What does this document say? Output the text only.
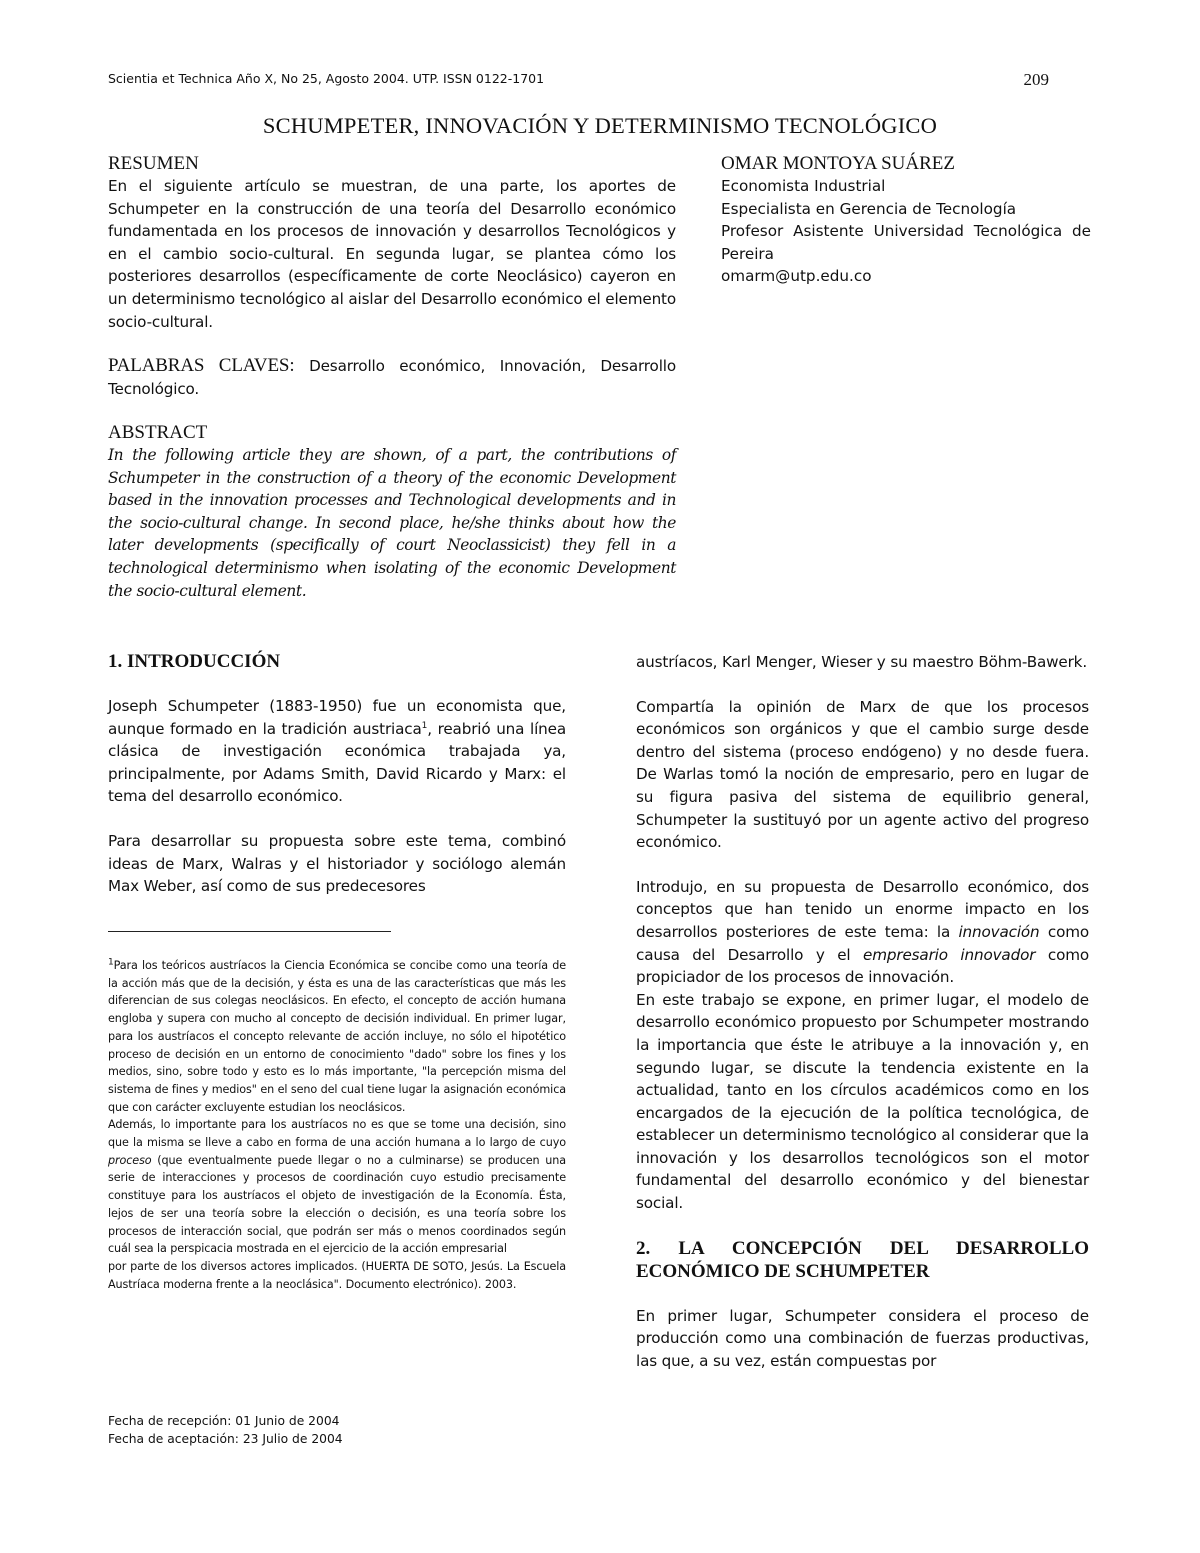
Scientia et Technica Año X, No 25, Agosto 2004. UTP. ISSN 0122-1701	209
SCHUMPETER, INNOVACIÓN Y DETERMINISMO TECNOLÓGICO
RESUMEN

En el siguiente artículo se muestran, de una parte, los aportes de Schumpeter en la construcción de una teoría del Desarrollo económico fundamentada en los procesos de innovación y desarrollos Tecnológicos y en el cambio socio-cultural. En segunda lugar, se plantea cómo los posteriores desarrollos (específicamente de corte Neoclásico) cayeron en un determinismo tecnológico al aislar del Desarrollo económico el elemento socio-cultural.

PALABRAS CLAVES: Desarrollo económico, Innovación, Desarrollo Tecnológico.

ABSTRACT

In the following article they are shown, of a part, the contributions of Schumpeter in the construction of a theory of the economic Development based in the innovation processes and Technological developments and in the socio-cultural change. In second place, he/she thinks about how the later developments (specifically of court Neoclassicist) they fell in a technological determinismo when isolating of the economic Development the socio-cultural element.

OMAR MONTOYA SUÁREZ

Economista Industrial

Especialista en Gerencia de Tecnología

Profesor Asistente Universidad Tecnológica de Pereira

omarm@utp.edu.co

1. INTRODUCCIÓN

Joseph Schumpeter (1883-1950) fue un economista que, aunque formado en la tradición austriaca$^1$, reabrió una línea clásica de investigación económica trabajada ya, principalmente, por Adams Smith, David Ricardo y Marx: el tema del desarrollo económico.

Para desarrollar su propuesta sobre este tema, combinó ideas de Marx, Walras y el historiador y sociólogo alemán Max Weber, así como de sus predecesores

$^1$Para los teóricos austríacos la Ciencia Económica se concibe como una teoría de la acción más que de la decisión, y ésta es una de las características que más les diferencian de sus colegas neoclásicos. En efecto, el concepto de acción humana engloba y supera con mucho al concepto de decisión individual. En primer lugar, para los austríacos el concepto relevante de acción incluye, no sólo el hipotético proceso de decisión en un entorno de conocimiento "dado" sobre los fines y los medios, sino, sobre todo y esto es lo más importante, "la percepción misma del sistema de fines y medios" en el seno del cual tiene lugar la asignación económica que con carácter excluyente estudian los neoclásicos.

Además, lo importante para los austríacos no es que se tome una decisión, sino que la misma se lleve a cabo en forma de una acción humana a lo largo de cuyo proceso (que eventualmente puede llegar o no a culminarse) se producen una serie de interacciones y procesos de coordinación cuyo estudio precisamente constituye para los austríacos el objeto de investigación de la Economía. Ésta, lejos de ser una teoría sobre la elección o decisión, es una teoría sobre los procesos de interacción social, que podrán ser más o menos coordinados según cuál sea la perspicacia mostrada en el ejercicio de la acción empresarial

por parte de los diversos actores implicados. (HUERTA DE SOTO, Jesús. La Escuela Austríaca moderna frente a la neoclásica". Documento electrónico). 2003.

Fecha de recepción: 01 Junio de 2004
Fecha de aceptación: 23 Julio de 2004

austríacos, Karl Menger, Wieser y su maestro Böhm-Bawerk.

Compartía la opinión de Marx de que los procesos económicos son orgánicos y que el cambio surge desde dentro del sistema (proceso endógeno) y no desde fuera. De Warlas tomó la noción de empresario, pero en lugar de su figura pasiva del sistema de equilibrio general, Schumpeter la sustituyó por un agente activo del progreso económico.

Introdujo, en su propuesta de Desarrollo económico, dos conceptos que han tenido un enorme impacto en los desarrollos posteriores de este tema: la innovación como causa del Desarrollo y el empresario innovador como propiciador de los procesos de innovación.

En este trabajo se expone, en primer lugar, el modelo de desarrollo económico propuesto por Schumpeter mostrando la importancia que éste le atribuye a la innovación y, en segundo lugar, se discute la tendencia existente en la actualidad, tanto en los círculos académicos como en los encargados de la ejecución de la política tecnológica, de establecer un determinismo tecnológico al considerar que la innovación y los desarrollos tecnológicos son el motor fundamental del desarrollo económico y del bienestar social.

2. LA CONCEPCIÓN DEL DESARROLLO ECONÓMICO DE SCHUMPETER

En primer lugar, Schumpeter considera el proceso de producción como una combinación de fuerzas productivas, las que, a su vez, están compuestas por
